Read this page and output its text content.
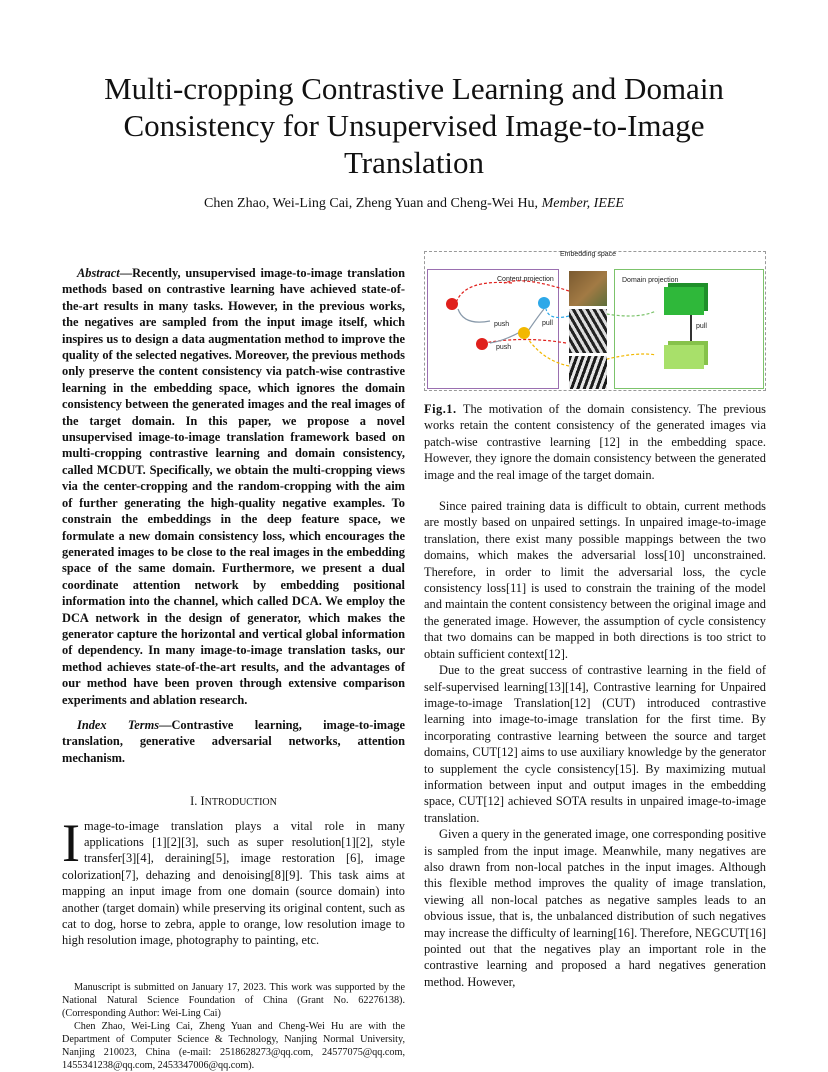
Multi-cropping Contrastive Learning and Domain
Consistency for Unsupervised Image-to-Image
Translation
Chen Zhao, Wei-Ling Cai, Zheng Yuan and Cheng-Wei Hu, Member, IEEE

Abstract—Recently, unsupervised image-to-image translation methods based on contrastive learning have achieved state-of-the-art results in many tasks. However, in the previous works, the negatives are sampled from the input image itself, which inspires us to design a data augmentation method to improve the quality of the selected negatives. Moreover, the previous methods only preserve the content consistency via patch-wise contrastive learning in the embedding space, which ignores the domain consistency between the generated images and the real images of the target domain. In this paper, we propose a novel unsupervised image-to-image translation framework based on multi-cropping contrastive learning and domain consistency, called MCDUT. Specifically, we obtain the multi-cropping views via the center-cropping and the random-cropping with the aim of further generating the high-quality negative examples. To constrain the embeddings in the deep feature space, we formulate a new domain consistency loss, which encourages the generated images to be close to the real images in the embedding space of the same domain. Furthermore, we present a dual coordinate attention network by embedding positional information into the channel, which called DCA. We employ the DCA network in the design of generator, which makes the generator capture the horizontal and vertical global information of dependency. In many image-to-image translation tasks, our method achieves state-of-the-art results, and the advantages of our method have been proven through extensive comparison experiments and ablation research.

Index Terms—Contrastive learning, image-to-image translation, generative adversarial networks, attention mechanism.

I. INTRODUCTION

Image-to-image translation plays a vital role in many applications [1][2][3], such as super resolution[1][2], style transfer[3][4], deraining[5], image restoration [6], image colorization[7], dehazing and denoising[8][9]. This task aims at mapping an input image from one domain (source domain) into another (target domain) while preserving its original content, such as cat to dog, horse to zebra, apple to orange, low resolution image to high resolution image, photography to painting, etc.

Manuscript is submitted on January 17, 2023. This work was supported by the National Natural Science Foundation of China (Grant No. 62276138). (Corresponding Author: Wei-Ling Cai)

Chen Zhao, Wei-Ling Cai, Zheng Yuan and Cheng-Wei Hu are with the Department of Computer Science & Technology, Nanjing Normal University, Nanjing 210023, China (e-mail: 2518628273@qq.com, 24577075@qq.com, 1455341238@qq.com, 2453347006@qq.com).

Embedding space
Content projection	Domain projection
push
push
pull	pull

Fig.1. The motivation of the domain consistency. The previous works retain the content consistency of the generated images via patch-wise contrastive learning [12] in the embedding space. However, they ignore the domain consistency between the generated image and the real image of the target domain.

Since paired training data is difficult to obtain, current methods are mostly based on unpaired settings. In unpaired image-to-image translation, there exist many possible mappings between the two domains, which makes the adversarial loss[10] unconstrained. Therefore, in order to limit the adversarial loss, the cycle consistency loss[11] is used to constrain the training of the model and maintain the content consistency between the original image and the generated image. However, the assumption of cycle consistency that two domains can be mapped in both directions is too strict to obtain sufficient context[12].

Due to the great success of contrastive learning in the field of self-supervised learning[13][14], Contrastive learning for Unpaired image-to-image Translation[12] (CUT) introduced contrastive learning into image-to-image translation for the first time. By incorporating contrastive learning between the source and target domains, CUT[12] aims to use auxiliary knowledge by the generator to supplement the cycle consistency[15]. By maximizing mutual information between input and output images in the embedding space, CUT[12] achieved SOTA results in unpaired image-to-image translation.

Given a query in the generated image, one corresponding positive is sampled from the input image. Meanwhile, many negatives are also drawn from non-local patches in the input images. Although this flexible method improves the quality of image translation, viewing all non-local patches as negative samples leads to an obvious issue, that is, the unbalanced distribution of such negatives may increase the difficulty of learning[16]. Therefore, NEGCUT[16] pointed out that the negatives play an important role in the contrastive learning and proposed a hard negatives generation method. However,
